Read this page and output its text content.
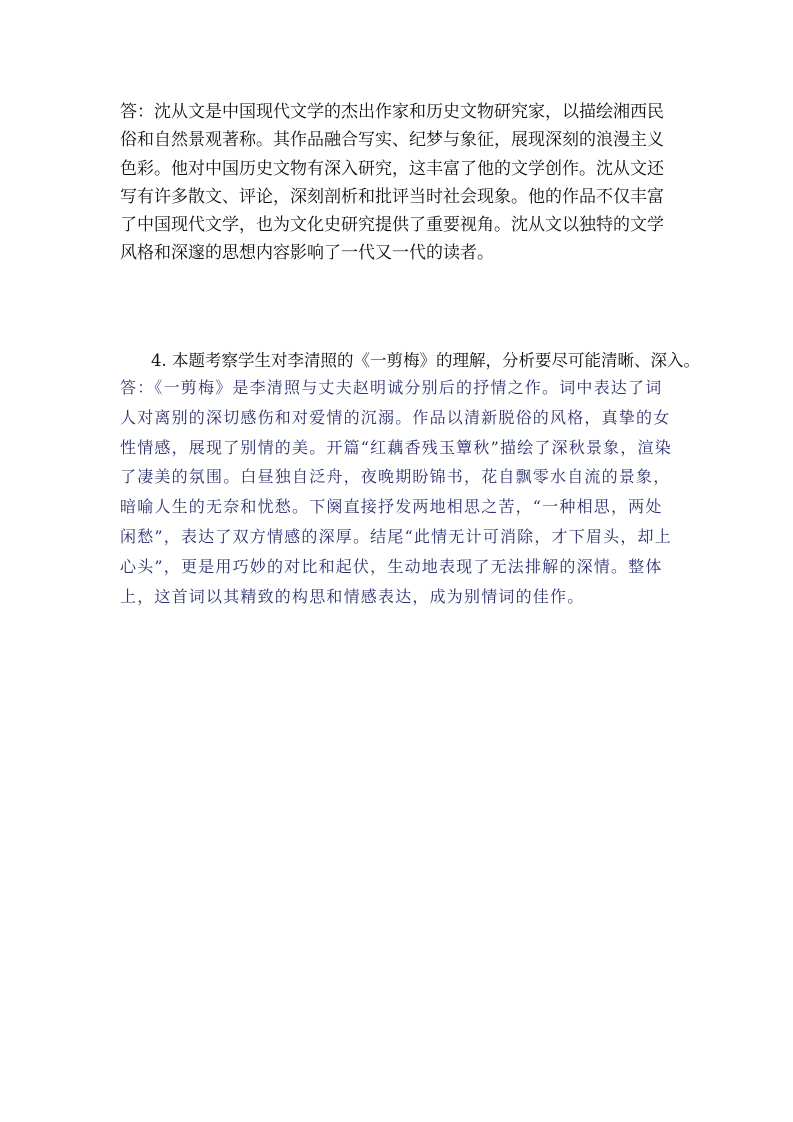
答：沈从文是中国现代文学的杰出作家和历史文物研究家，以描绘湘西民俗和自然景观著称。其作品融合写实、纪梦与象征，展现深刻的浪漫主义色彩。他对中国历史文物有深入研究，这丰富了他的文学创作。沈从文还写有许多散文、评论，深刻剖析和批评当时社会现象。他的作品不仅丰富了中国现代文学，也为文化史研究提供了重要视角。沈从文以独特的文学风格和深邃的思想内容影响了一代又一代的读者。

4. 本题考察学生对李清照的《一剪梅》的理解，分析要尽可能清晰、深入。

答：《一剪梅》是李清照与丈夫赵明诚分别后的抒情之作。词中表达了词人对离别的深切感伤和对爱情的沉溺。作品以清新脱俗的风格，真挚的女性情感，展现了别情的美。开篇“红藕香残玉簟秋”描绘了深秋景象，渲染了凄美的氛围。白昼独自泛舟，夜晚期盼锦书，花自飘零水自流的景象，暗喻人生的无奈和忧愁。下阕直接抒发两地相思之苦，“一种相思，两处闲愁”，表达了双方情感的深厚。结尾“此情无计可消除，才下眉头，却上心头”，更是用巧妙的对比和起伏，生动地表现了无法排解的深情。整体上，这首词以其精致的构思和情感表达，成为别情词的佳作。
